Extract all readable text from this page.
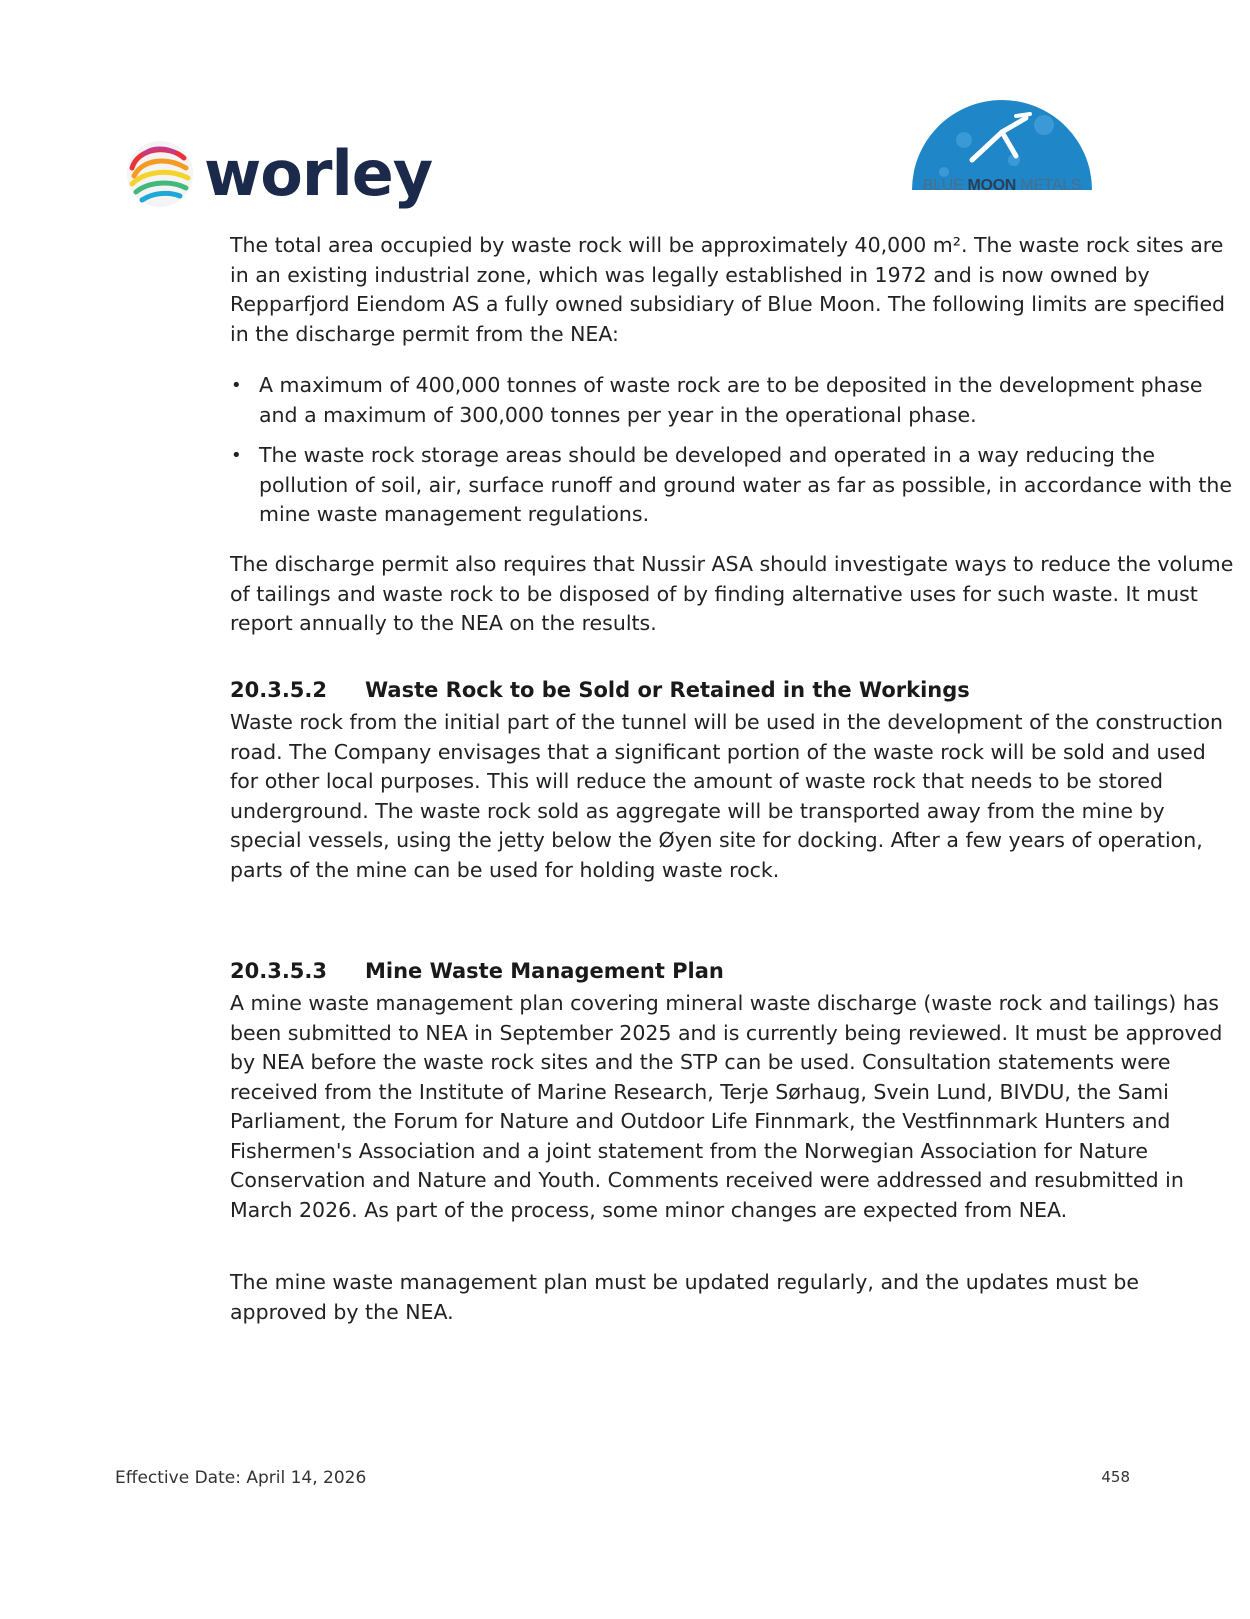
worley	BLUE MOON METALS

The total area occupied by waste rock will be approximately 40,000 m². The waste rock sites are in an existing industrial zone, which was legally established in 1972 and is now owned by Repparfjord Eiendom AS a fully owned subsidiary of Blue Moon. The following limits are specified in the discharge permit from the NEA:

• A maximum of 400,000 tonnes of waste rock are to be deposited in the development phase and a maximum of 300,000 tonnes per year in the operational phase.
• The waste rock storage areas should be developed and operated in a way reducing the pollution of soil, air, surface runoff and ground water as far as possible, in accordance with the mine waste management regulations.

The discharge permit also requires that Nussir ASA should investigate ways to reduce the volume of tailings and waste rock to be disposed of by finding alternative uses for such waste. It must report annually to the NEA on the results.

20.3.5.2 Waste Rock to be Sold or Retained in the Workings

Waste rock from the initial part of the tunnel will be used in the development of the construction road. The Company envisages that a significant portion of the waste rock will be sold and used for other local purposes. This will reduce the amount of waste rock that needs to be stored underground. The waste rock sold as aggregate will be transported away from the mine by special vessels, using the jetty below the Øyen site for docking. After a few years of operation, parts of the mine can be used for holding waste rock.

20.3.5.3 Mine Waste Management Plan

A mine waste management plan covering mineral waste discharge (waste rock and tailings) has been submitted to NEA in September 2025 and is currently being reviewed. It must be approved by NEA before the waste rock sites and the STP can be used. Consultation statements were received from the Institute of Marine Research, Terje Sørhaug, Svein Lund, BIVDU, the Sami Parliament, the Forum for Nature and Outdoor Life Finnmark, the Vestfinnmark Hunters and Fishermen's Association and a joint statement from the Norwegian Association for Nature Conservation and Nature and Youth. Comments received were addressed and resubmitted in March 2026. As part of the process, some minor changes are expected from NEA.

The mine waste management plan must be updated regularly, and the updates must be approved by the NEA.

Effective Date: April 14, 2026	458
